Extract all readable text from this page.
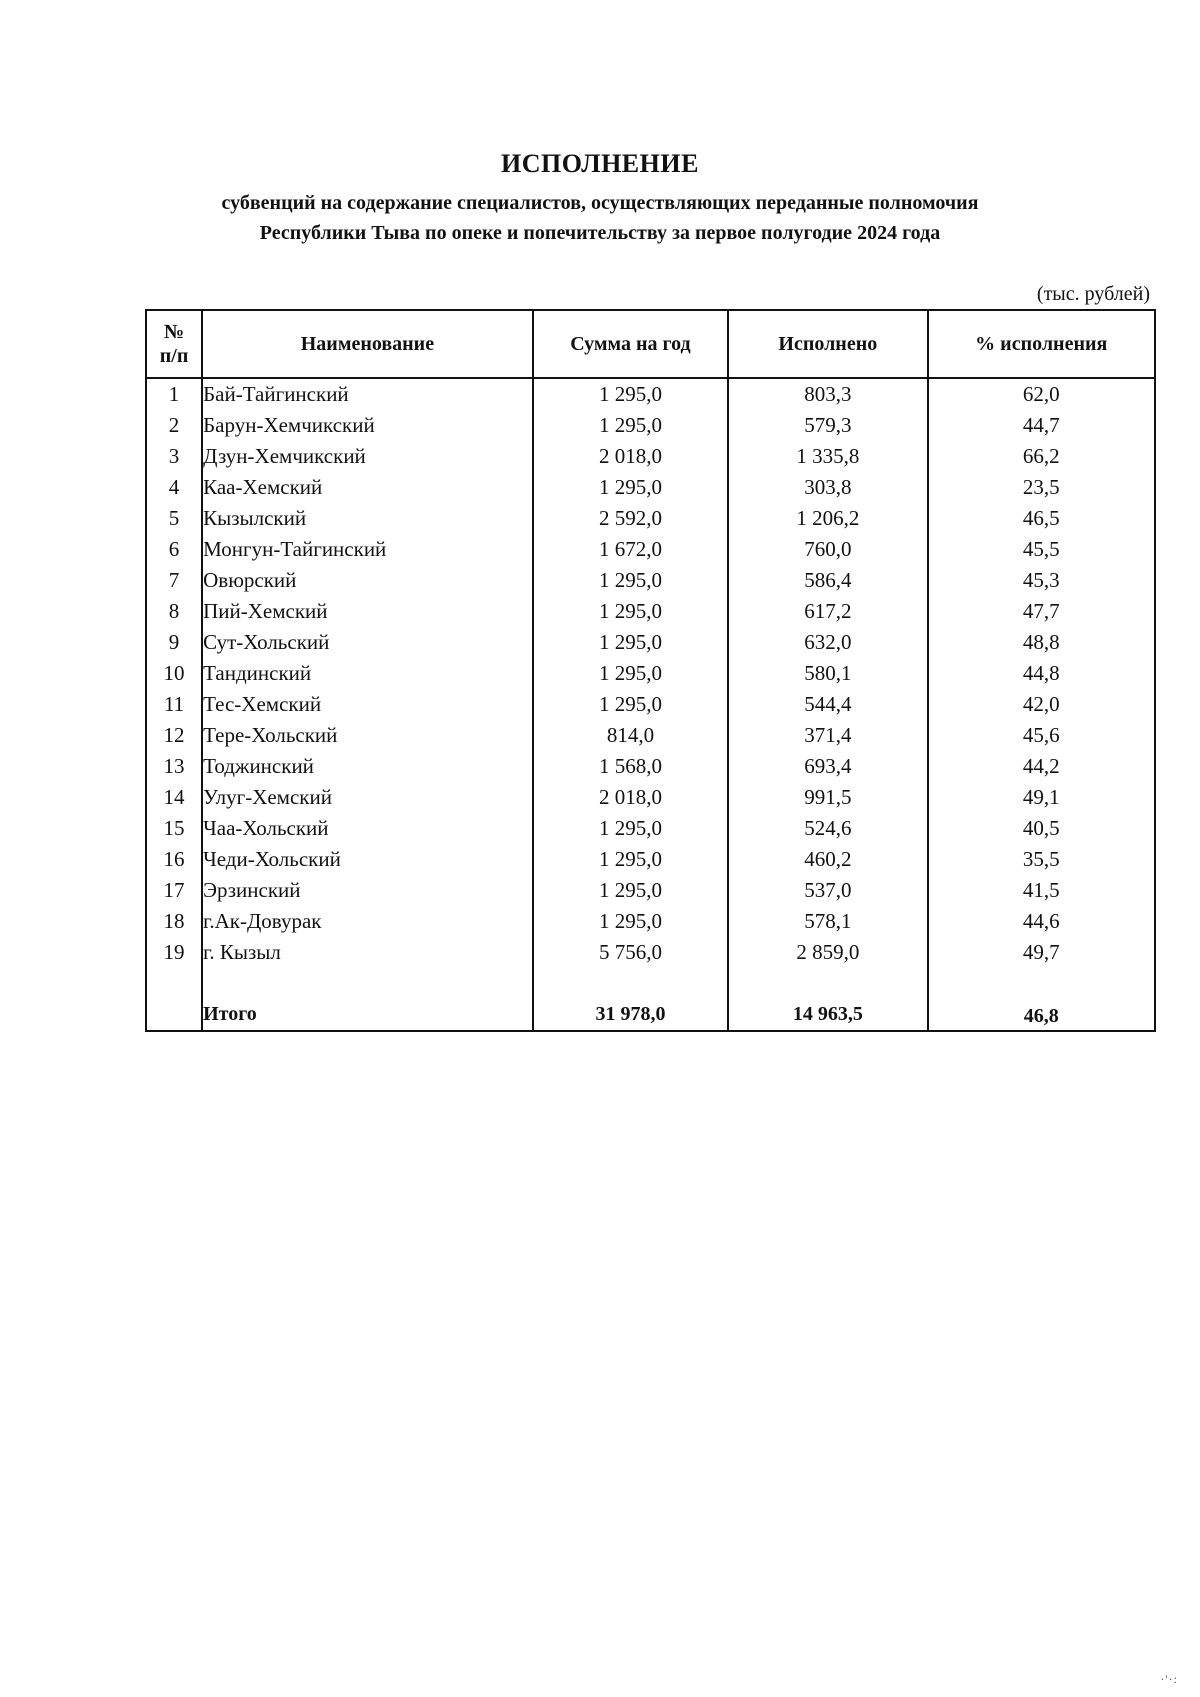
ИСПОЛНЕНИЕ
субвенций на содержание специалистов, осуществляющих переданные полномочия
Республики Тыва по опеке и попечительству за первое полугодие 2024 года
(тыс. рублей)
№
п/п	Наименование	Сумма на год	Исполнено	% исполнения
1	Бай-Тайгинский	1 295,0	803,3	62,0
2	Барун-Хемчикский	1 295,0	579,3	44,7
3	Дзун-Хемчикский	2 018,0	1 335,8	66,2
4	Каа-Хемский	1 295,0	303,8	23,5
5	Кызылский	2 592,0	1 206,2	46,5
6	Монгун-Тайгинский	1 672,0	760,0	45,5
7	Овюрский	1 295,0	586,4	45,3
8	Пий-Хемский	1 295,0	617,2	47,7
9	Сут-Хольский	1 295,0	632,0	48,8
10	Тандинский	1 295,0	580,1	44,8
11	Тес-Хемский	1 295,0	544,4	42,0
12	Тере-Хольский	814,0	371,4	45,6
13	Тоджинский	1 568,0	693,4	44,2
14	Улуг-Хемский	2 018,0	991,5	49,1
15	Чаа-Хольский	1 295,0	524,6	40,5
16	Чеди-Хольский	1 295,0	460,2	35,5
17	Эрзинский	1 295,0	537,0	41,5
18	г.Ак-Довурак	1 295,0	578,1	44,6
19	г. Кызыл	5 756,0	2 859,0	49,7

	Итого	31 978,0	14 963,5	46,8
·'·:
